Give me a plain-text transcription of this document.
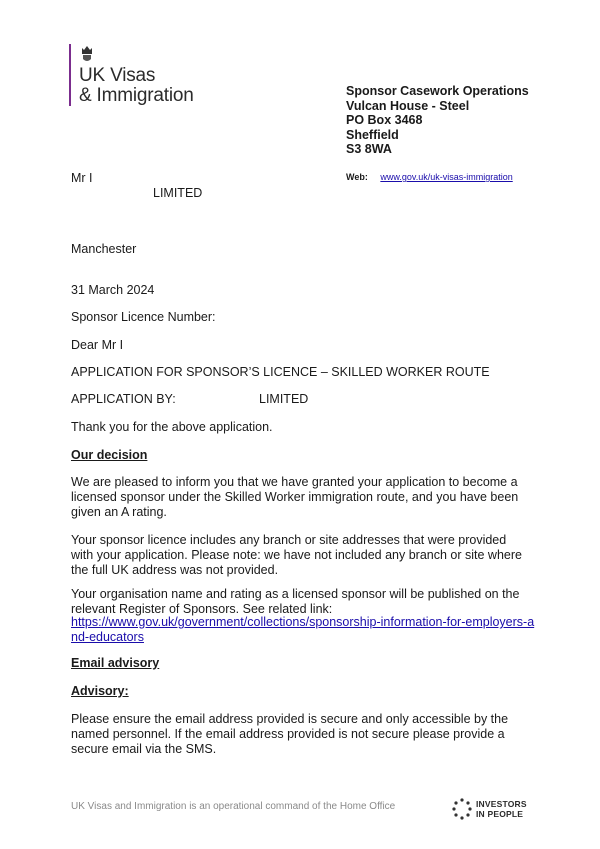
UK Visas
& Immigration	Sponsor Casework Operations
Vulcan House - Steel
PO Box 3468
Sheffield
S3 8WA
Web: www.gov.uk/uk-visas-immigration
Mr I
LIMITED
Manchester
31 March 2024
Sponsor Licence Number:
Dear Mr I
APPLICATION FOR SPONSOR’S LICENCE – SKILLED WORKER ROUTE
APPLICATION BY:	LIMITED
Thank you for the above application.
Our decision
We are pleased to inform you that we have granted your application to become a licensed sponsor under the Skilled Worker immigration route, and you have been given an A rating.
Your sponsor licence includes any branch or site addresses that were provided with your application. Please note: we have not included any branch or site where the full UK address was not provided.
Your organisation name and rating as a licensed sponsor will be published on the relevant Register of Sponsors. See related link:
https://www.gov.uk/government/collections/sponsorship-information-for-employers-and-educators
Email advisory
Advisory:
Please ensure the email address provided is secure and only accessible by the named personnel. If the email address provided is not secure please provide a secure email via the SMS.
UK Visas and Immigration is an operational command of the Home Office	INVESTORS
IN PEOPLE
